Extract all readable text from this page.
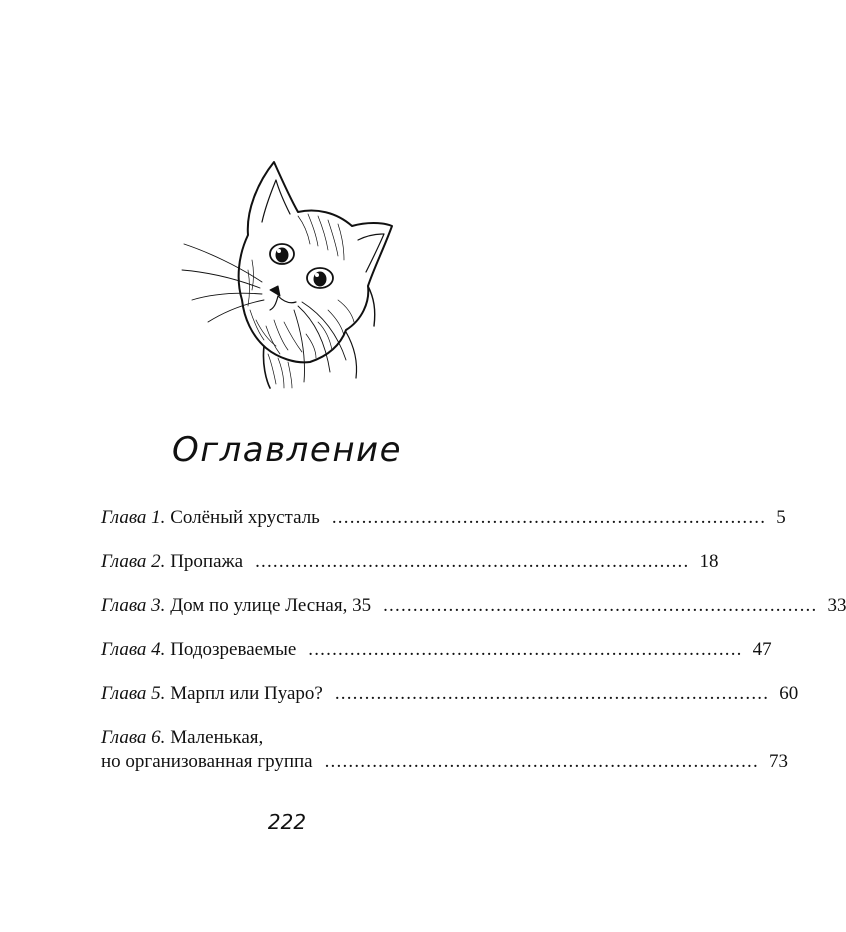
Оглавление
Глава 1. Солёный хрусталь ......................................................................... 5
Глава 2. Пропажа ......................................................................... 18
Глава 3. Дом по улице Лесная, 35 ......................................................................... 33
Глава 4. Подозреваемые ......................................................................... 47
Глава 5. Марпл или Пуаро? ......................................................................... 60
Глава 6. Маленькая,
но организованная группа ......................................................................... 73
222
